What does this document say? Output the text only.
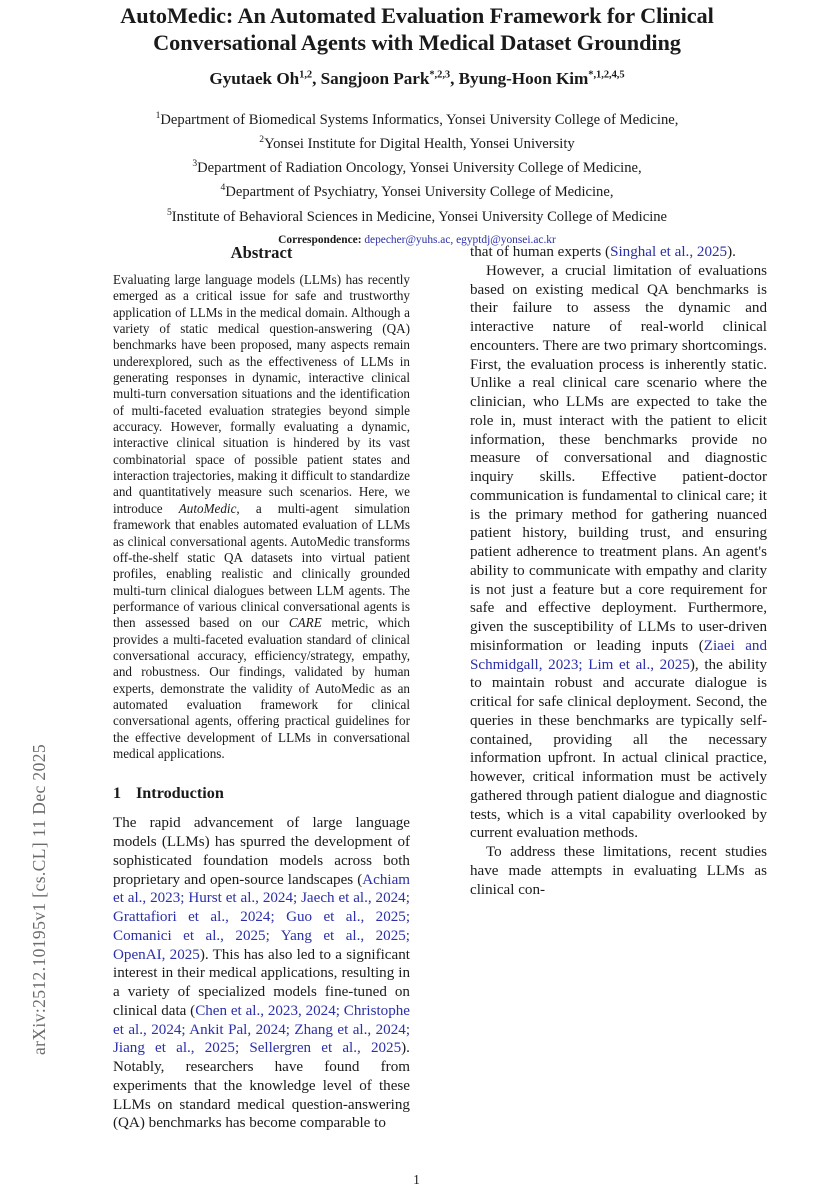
arXiv:2512.10195v1 [cs.CL] 11 Dec 2025
AutoMedic: An Automated Evaluation Framework for Clinical
Conversational Agents with Medical Dataset Grounding
Gyutaek Oh$^{1,2}$, Sangjoon Park$^{*,2,3}$, Byung-Hoon Kim$^{*,1,2,4,5}$
$^1$Department of Biomedical Systems Informatics, Yonsei University College of Medicine,
$^2$Yonsei Institute for Digital Health, Yonsei University
$^3$Department of Radiation Oncology, Yonsei University College of Medicine,
$^4$Department of Psychiatry, Yonsei University College of Medicine,
$^5$Institute of Behavioral Sciences in Medicine, Yonsei University College of Medicine
Correspondence: depecher@yuhs.ac, egyptdj@yonsei.ac.kr
Abstract

Evaluating large language models (LLMs) has recently emerged as a critical issue for safe and trustworthy application of LLMs in the medical domain. Although a variety of static medical question-answering (QA) benchmarks have been proposed, many aspects remain underexplored, such as the effectiveness of LLMs in generating responses in dynamic, interactive clinical multi-turn conversation situations and the identification of multi-faceted evaluation strategies beyond simple accuracy. However, formally evaluating a dynamic, interactive clinical situation is hindered by its vast combinatorial space of possible patient states and interaction trajectories, making it difficult to standardize and quantitatively measure such scenarios. Here, we introduce AutoMedic, a multi-agent simulation framework that enables automated evaluation of LLMs as clinical conversational agents. AutoMedic transforms off-the-shelf static QA datasets into virtual patient profiles, enabling realistic and clinically grounded multi-turn clinical dialogues between LLM agents. The performance of various clinical conversational agents is then assessed based on our CARE metric, which provides a multi-faceted evaluation standard of clinical conversational accuracy, efficiency/strategy, empathy, and robustness. Our findings, validated by human experts, demonstrate the validity of AutoMedic as an automated evaluation framework for clinical conversational agents, offering practical guidelines for the effective development of LLMs in conversational medical applications.

1 Introduction

The rapid advancement of large language models (LLMs) has spurred the development of sophisticated foundation models across both proprietary and open-source landscapes (Achiam et al., 2023; Hurst et al., 2024; Jaech et al., 2024; Grattafiori et al., 2024; Guo et al., 2025; Comanici et al., 2025; Yang et al., 2025; OpenAI, 2025). This has also led to a significant interest in their medical applications, resulting in a variety of specialized models fine-tuned on clinical data (Chen et al., 2023, 2024; Christophe et al., 2024; Ankit Pal, 2024; Zhang et al., 2024; Jiang et al., 2025; Sellergren et al., 2025). Notably, researchers have found from experiments that the knowledge level of these LLMs on standard medical question-answering (QA) benchmarks has become comparable to

that of human experts (Singhal et al., 2025).

However, a crucial limitation of evaluations based on existing medical QA benchmarks is their failure to assess the dynamic and interactive nature of real-world clinical encounters. There are two primary shortcomings. First, the evaluation process is inherently static. Unlike a real clinical care scenario where the clinician, who LLMs are expected to take the role in, must interact with the patient to elicit information, these benchmarks provide no measure of conversational and diagnostic inquiry skills. Effective patient-doctor communication is fundamental to clinical care; it is the primary method for gathering nuanced patient history, building trust, and ensuring patient adherence to treatment plans. An agent's ability to communicate with empathy and clarity is not just a feature but a core requirement for safe and effective deployment. Furthermore, given the susceptibility of LLMs to user-driven misinformation or leading inputs (Ziaei and Schmidgall, 2023; Lim et al., 2025), the ability to maintain robust and accurate dialogue is critical for safe clinical deployment. Second, the queries in these benchmarks are typically self-contained, providing all the necessary information upfront. In actual clinical practice, however, critical information must be actively gathered through patient dialogue and diagnostic tests, which is a vital capability overlooked by current evaluation methods.

To address these limitations, recent studies have made attempts in evaluating LLMs as clinical con-

1
